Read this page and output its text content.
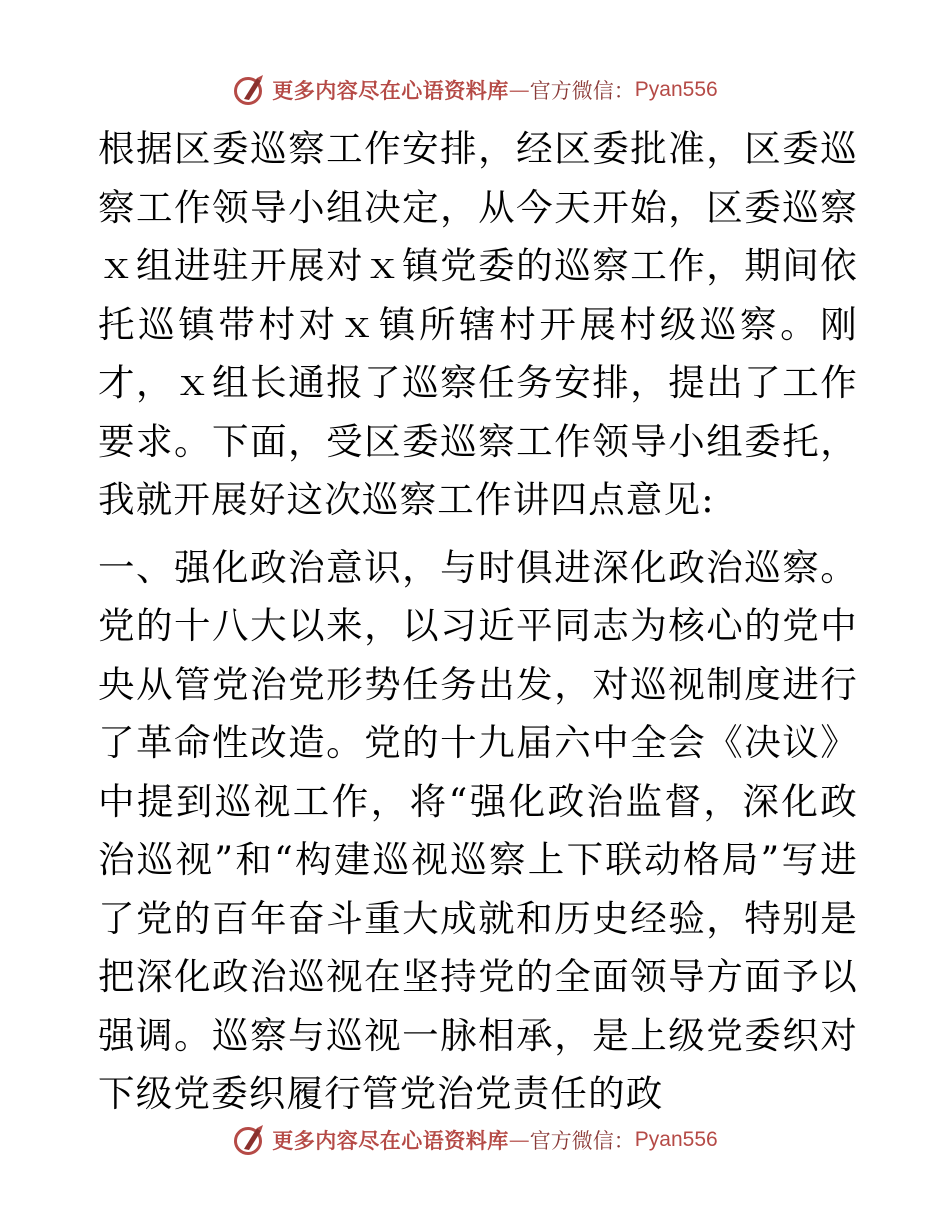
更多内容尽在心语资料库 — 官方微信： Pyan556

根据区委巡察工作安排，经区委批准，区委巡察工作领导小组决定，从今天开始，区委巡察ｘ组进驻开展对ｘ镇党委的巡察工作，期间依托巡镇带村对ｘ镇所辖村开展村级巡察。刚才，ｘ组长通报了巡察任务安排，提出了工作要求。下面，受区委巡察工作领导小组委托，我就开展好这次巡察工作讲四点意见:

一、强化政治意识，与时俱进深化政治巡察。党的十八大以来，以习近平同志为核心的党中央从管党治党形势任务出发，对巡视制度进行了革命性改造。党的十九届六中全会《决议》中提到巡视工作，将“强化政治监督，深化政治巡视”和“构建巡视巡察上下联动格局”写进了党的百年奋斗重大成就和历史经验，特别是把深化政治巡视在坚持党的全面领导方面予以强调。巡察与巡视一脉相承，是上级党委织对下级党委织履行管党治党责任的政

更多内容尽在心语资料库 — 官方微信： Pyan556
